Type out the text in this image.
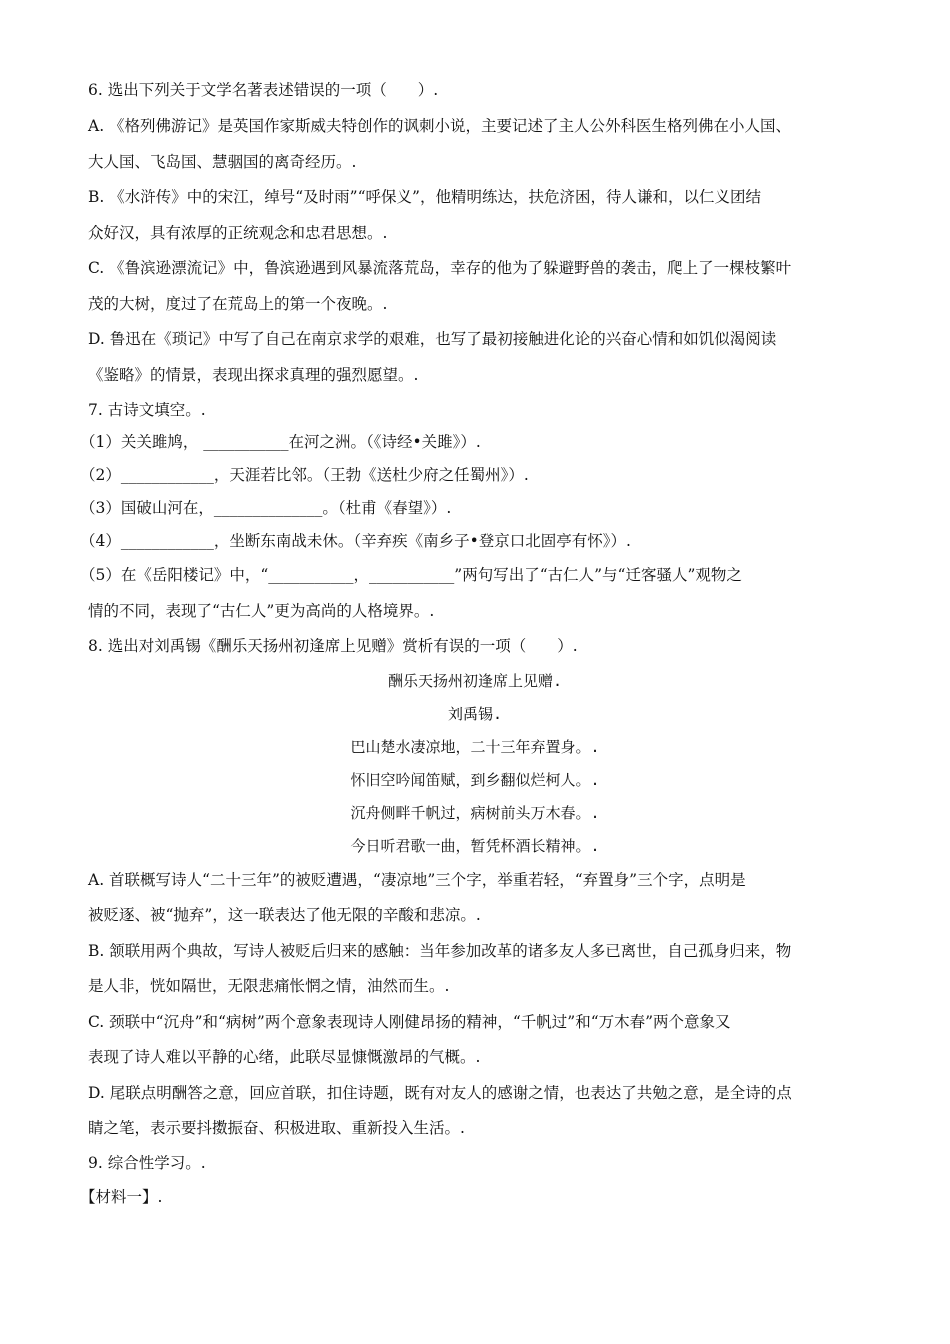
6. 选出下列关于文学名著表述错误的一项（　　）.
A. 《格列佛游记》是英国作家斯威夫特创作的讽刺小说，主要记述了主人公外科医生格列佛在小人国、
大人国、飞岛国、慧骃国的离奇经历。.
B. 《水浒传》中的宋江，绰号“及时雨”“呼保义”，他精明练达，扶危济困，待人谦和，以仁义团结
众好汉，具有浓厚的正统观念和忠君思想。.
C. 《鲁滨逊漂流记》中，鲁滨逊遇到风暴流落荒岛，幸存的他为了躲避野兽的袭击，爬上了一棵枝繁叶
茂的大树，度过了在荒岛上的第一个夜晚。.
D. 鲁迅在《琐记》中写了自己在南京求学的艰难，也写了最初接触进化论的兴奋心情和如饥似渴阅读
《鉴略》的情景，表现出探求真理的强烈愿望。.
7. 古诗文填空。.
（1）关关雎鸠， ___________在河之洲。（《诗经•关雎》）.
（2）____________，天涯若比邻。（王勃《送杜少府之任蜀州》）.
（3）国破山河在，______________。（杜甫《春望》）.
（4）____________，坐断东南战未休。（辛弃疾《南乡子•登京口北固亭有怀》）.
（5）在《岳阳楼记》中，“___________，___________”两句写出了“古仁人”与“迁客骚人”观物之
情的不同，表现了“古仁人”更为高尚的人格境界。.
8. 选出对刘禹锡《酬乐天扬州初逢席上见赠》赏析有误的一项（　　）.
酬乐天扬州初逢席上见赠.
刘禹锡.
巴山楚水凄凉地，二十三年弃置身。.
怀旧空吟闻笛赋，到乡翻似烂柯人。.
沉舟侧畔千帆过，病树前头万木春。.
今日听君歌一曲，暂凭杯酒长精神。.
A. 首联概写诗人“二十三年”的被贬遭遇，“凄凉地”三个字，举重若轻，“弃置身”三个字，点明是
被贬逐、被“抛弃”，这一联表达了他无限的辛酸和悲凉。.
B. 颔联用两个典故，写诗人被贬后归来的感触：当年参加改革的诸多友人多已离世，自己孤身归来，物
是人非，恍如隔世，无限悲痛怅惘之情，油然而生。.
C. 颈联中“沉舟”和“病树”两个意象表现诗人刚健昂扬的精神，“千帆过”和“万木春”两个意象又
表现了诗人难以平静的心绪，此联尽显慷慨激昂的气概。.
D. 尾联点明酬答之意，回应首联，扣住诗题，既有对友人的感谢之情，也表达了共勉之意，是全诗的点
睛之笔，表示要抖擞振奋、积极进取、重新投入生活。.
9. 综合性学习。.
【材料一】.
